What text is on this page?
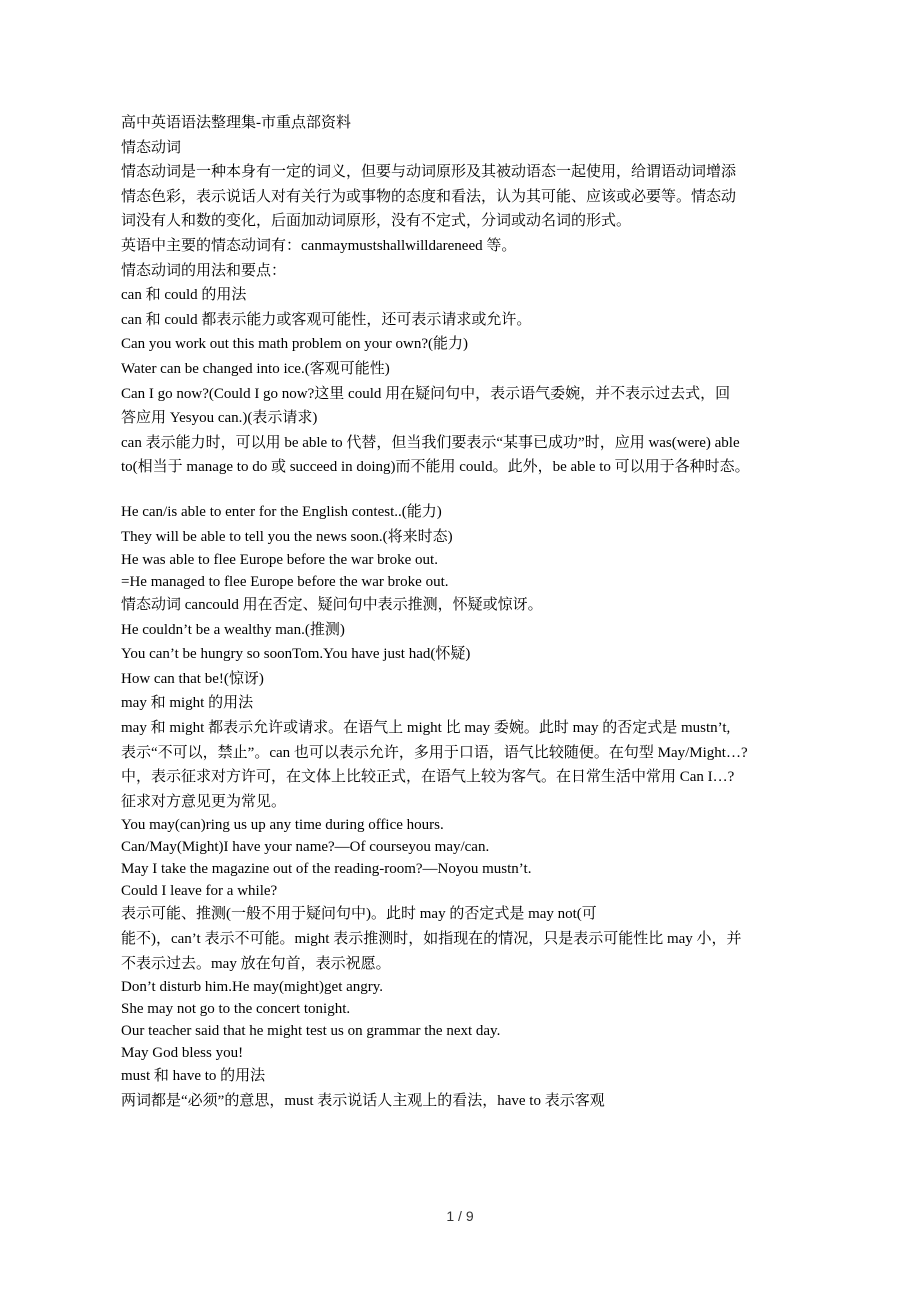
高中英语语法整理集-市重点部资料
情态动词
情态动词是一种本身有一定的词义，但要与动词原形及其被动语态一起使用，给谓语动词增添
情态色彩，表示说话人对有关行为或事物的态度和看法，认为其可能、应该或必要等。情态动
词没有人和数的变化，后面加动词原形，没有不定式，分词或动名词的形式。
英语中主要的情态动词有：canmaymustshallwilldareneed 等。
情态动词的用法和要点：
can 和 could 的用法
can 和 could 都表示能力或客观可能性，还可表示请求或允许。
Can you work out this math problem on your own?(能力)
Water can be changed into ice.(客观可能性)
Can I go now?(Could I go now?这里 could 用在疑问句中，表示语气委婉，并不表示过去式，回
答应用 Yesyou can.)(表示请求)
can 表示能力时，可以用 be able to 代替，但当我们要表示“某事已成功”时，应用 was(were) able
to(相当于 manage to do 或 succeed in doing)而不能用 could。此外，be able to 可以用于各种时态。
He can/is able to enter for the English contest..(能力)
They will be able to tell you the news soon.(将来时态)
He was able to flee Europe before the war broke out.
=He managed to flee Europe before the war broke out.
情态动词 cancould 用在否定、疑问句中表示推测，怀疑或惊讶。
He couldn’t be a wealthy man.(推测)
You can’t be hungry so soonTom.You have just had(怀疑)
How can that be!(惊讶)
may 和 might 的用法
may 和 might 都表示允许或请求。在语气上 might 比 may 委婉。此时 may 的否定式是 mustn’t,
表示“不可以，禁止”。can 也可以表示允许，多用于口语，语气比较随便。在句型 May/Might…?
中，表示征求对方许可，在文体上比较正式，在语气上较为客气。在日常生活中常用 Can I…?
征求对方意见更为常见。
You may(can)ring us up any time during office hours.
Can/May(Might)I have your name?—Of courseyou may/can.
May I take the magazine out of the reading-room?—Noyou mustn’t.
Could I leave for a while?
表示可能、推测(一般不用于疑问句中)。此时 may 的否定式是 may not(可
能不)，can’t 表示不可能。might 表示推测时，如指现在的情况，只是表示可能性比 may 小，并
不表示过去。may 放在句首，表示祝愿。
Don’t disturb him.He may(might)get angry.
She may not go to the concert tonight.
Our teacher said that he might test us on grammar the next day.
May God bless you!
must 和 have to 的用法
两词都是“必须”的意思，must 表示说话人主观上的看法，have to 表示客观
1 / 9
